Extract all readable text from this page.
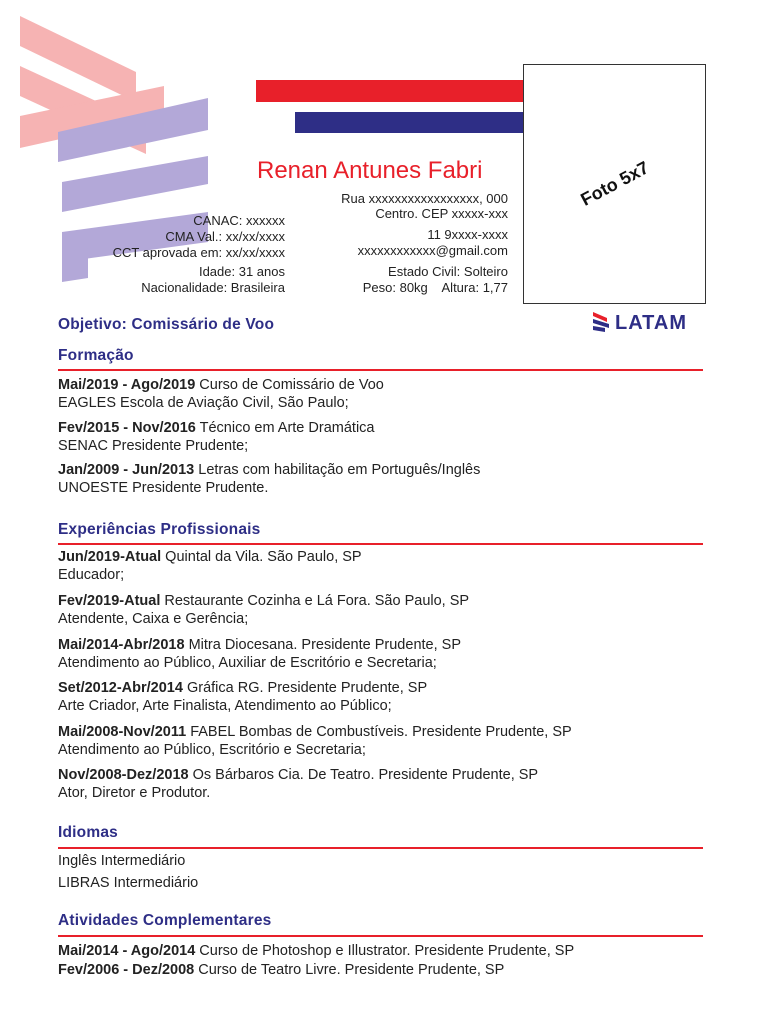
Foto 5x7
Renan Antunes Fabri
CANAC: xxxxxx
CMA Val.: xx/xx/xxxx
CCT aprovada em: xx/xx/xxxx
Idade: 31 anos
Nacionalidade: Brasileira
Rua xxxxxxxxxxxxxxxxx, 000
Centro. CEP xxxxx-xxx
11 9xxxx-xxxx
xxxxxxxxxxxx@gmail.com
Estado Civil: Solteiro
Peso: 80kg    Altura: 1,77
Objetivo: Comissário de Voo	LATAM
Formação
Mai/2019 - Ago/2019 Curso de Comissário de Voo
EAGLES Escola de Aviação Civil, São Paulo;
Fev/2015 - Nov/2016 Técnico em Arte Dramática
SENAC Presidente Prudente;
Jan/2009 - Jun/2013 Letras com habilitação em Português/Inglês
UNOESTE Presidente Prudente.
Experiências Profissionais
Jun/2019-Atual Quintal da Vila. São Paulo, SP
Educador;
Fev/2019-Atual Restaurante Cozinha e Lá Fora. São Paulo, SP
Atendente, Caixa e Gerência;
Mai/2014-Abr/2018 Mitra Diocesana. Presidente Prudente, SP
Atendimento ao Público, Auxiliar de Escritório e Secretaria;
Set/2012-Abr/2014 Gráfica RG. Presidente Prudente, SP
Arte Criador, Arte Finalista, Atendimento ao Público;
Mai/2008-Nov/2011 FABEL Bombas de Combustíveis. Presidente Prudente, SP
Atendimento ao Público, Escritório e Secretaria;
Nov/2008-Dez/2018 Os Bárbaros Cia. De Teatro. Presidente Prudente, SP
Ator, Diretor e Produtor.
Idiomas
Inglês Intermediário
LIBRAS Intermediário
Atividades Complementares
Mai/2014 - Ago/2014 Curso de Photoshop e Illustrator. Presidente Prudente, SP
Fev/2006 - Dez/2008 Curso de Teatro Livre. Presidente Prudente, SP
